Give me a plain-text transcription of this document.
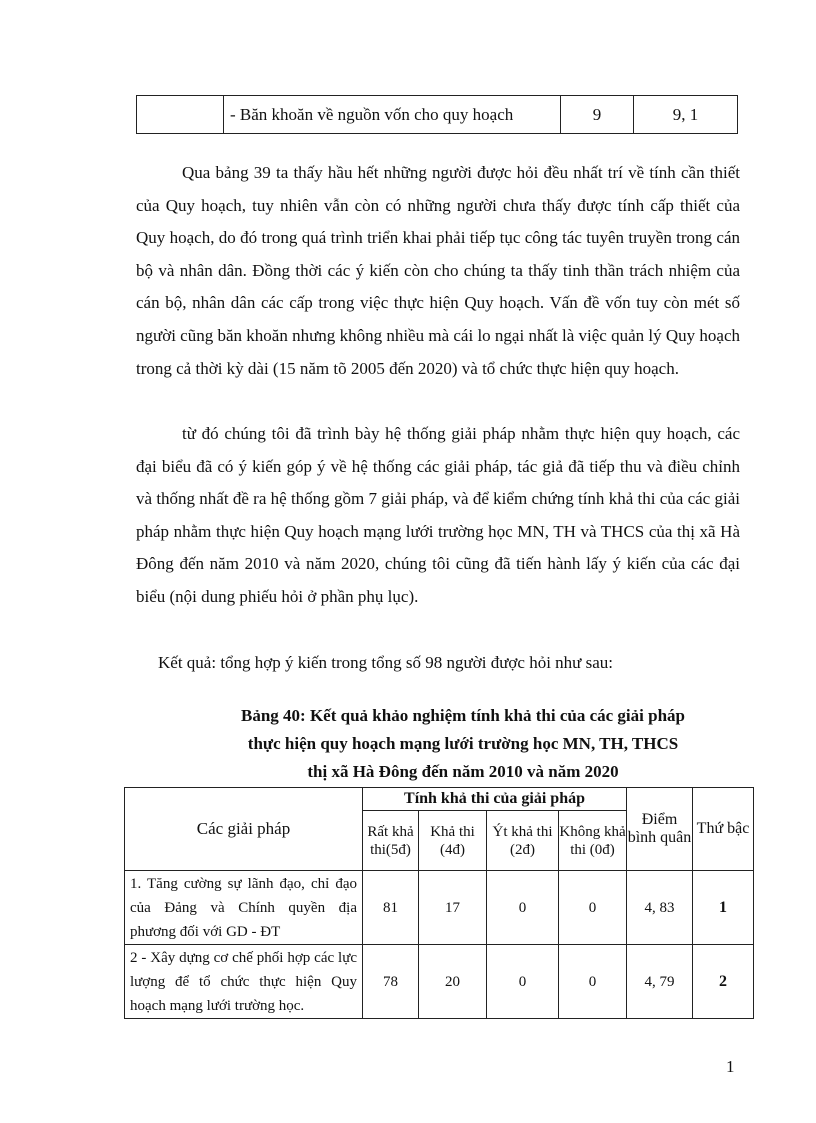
	- Băn khoăn về nguồn vốn cho quy hoạch	9	9, 1

Qua bảng 39 ta thấy hầu hết những người được hỏi đều nhất trí về tính cần thiết của Quy hoạch, tuy nhiên vẫn còn có những người chưa thấy được tính cấp thiết của Quy hoạch, do đó trong quá trình triển khai phải tiếp tục công tác tuyên truyền trong cán bộ và nhân dân. Đồng thời các ý kiến còn cho chúng ta thấy tinh thần trách nhiệm của cán bộ, nhân dân các cấp trong việc thực hiện Quy hoạch. Vấn đề vốn tuy còn mét số người cũng băn khoăn nhưng không nhiều mà cái lo ngại nhất là việc quản lý Quy hoạch trong cả thời kỳ dài (15 năm tõ 2005 đến 2020) và tổ chức thực hiện quy hoạch.

từ đó chúng tôi đã trình bày hệ thống giải pháp nhằm thực hiện quy hoạch, các đại biểu đã có ý kiến góp ý về hệ thống các giải pháp, tác giả đã tiếp thu và điều chỉnh và thống nhất đề ra hệ thống gồm 7 giải pháp, và để kiểm chứng tính khả thi của các giải pháp nhằm thực hiện Quy hoạch mạng lưới trường học MN, TH và THCS của thị xã Hà Đông đến năm 2010 và năm 2020, chúng tôi cũng đã tiến hành lấy ý kiến của các đại biểu (nội dung phiếu hỏi ở phần phụ lục).

Kết quả: tổng hợp ý kiến trong tổng số 98 người được hỏi như sau:

Bảng 40: Kết quả khảo nghiệm tính khả thi của các giải pháp
thực hiện quy hoạch mạng lưới trường học MN, TH, THCS
thị xã Hà Đông đến năm 2010 và năm 2020
Các giải pháp	Tính khả thi của giải pháp				Điểm bình quân	Thứ bậc
	Rất khả thi(5đ)	Khả thi (4đ)	Ýt khả thi (2đ)	Không khả thi (0đ)		
1. Tăng cường sự lãnh đạo, chỉ đạo của Đảng và Chính quyền địa phương đối với GD - ĐT	81	17	0	0	4, 83	1
2 - Xây dựng cơ chế phối hợp các lực lượng để tổ chức thực hiện Quy hoạch mạng lưới trường học.	78	20	0	0	4, 79	2
1
